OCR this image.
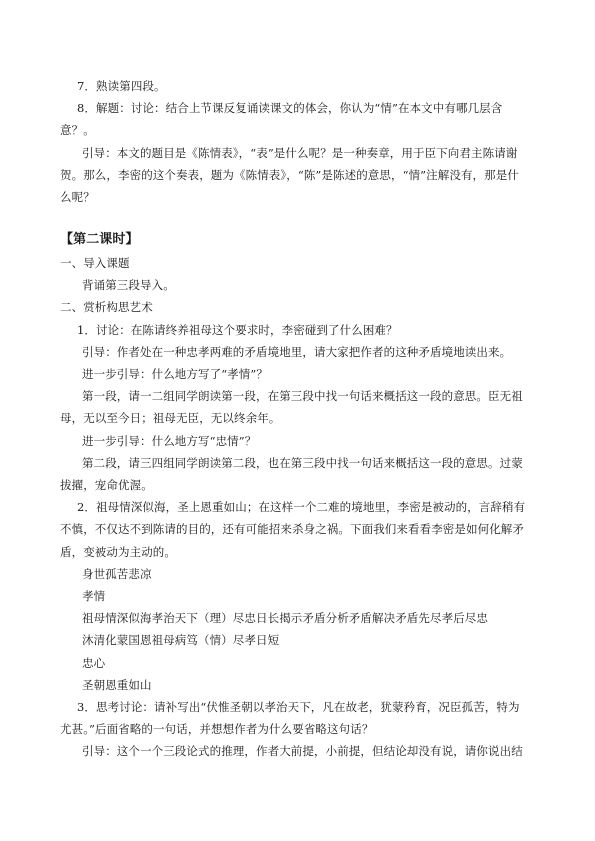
7．熟读第四段。
8．解题：讨论：结合上节课反复诵读课文的体会，你认为“情”在本文中有哪几层含
意？。
引导：本文的题目是《陈情表》，“表”是什么呢？是一种奏章，用于臣下向君主陈请谢
贺。那么，李密的这个奏表，题为《陈情表》，“陈”是陈述的意思，“情”注解没有，那是什
么呢？
【第二课时】
一、导入课题
背诵第三段导入。
二、赏析构思艺术
1．讨论：在陈请终养祖母这个要求时，李密碰到了什么困难？
引导：作者处在一种忠孝两难的矛盾境地里，请大家把作者的这种矛盾境地读出来。
进一步引导：什么地方写了“孝情”？
第一段，请一二组同学朗读第一段，在第三段中找一句话来概括这一段的意思。臣无祖
母，无以至今日；祖母无臣，无以终余年。
进一步引导：什么地方写“忠情”？
第二段，请三四组同学朗读第二段，也在第三段中找一句话来概括这一段的意思。过蒙
拔擢，宠命优渥。
2．祖母情深似海，圣上恩重如山；在这样一个二难的境地里，李密是被动的，言辞稍有
不慎，不仅达不到陈请的目的，还有可能招来杀身之祸。下面我们来看看李密是如何化解矛
盾，变被动为主动的。
身世孤苦悲凉
孝情
祖母情深似海孝治天下（理）尽忠日长揭示矛盾分析矛盾解决矛盾先尽孝后尽忠
沐清化蒙国恩祖母病笃（情）尽孝日短
忠心
圣朝恩重如山
3．思考讨论：请补写出“伏惟圣朝以孝治天下，凡在故老，犹蒙矜育，况臣孤苦，特为
尤甚。”后面省略的一句话，并想想作者为什么要省略这句话？
引导：这个一个三段论式的推理，作者大前提，小前提，但结论却没有说，请你说出结
